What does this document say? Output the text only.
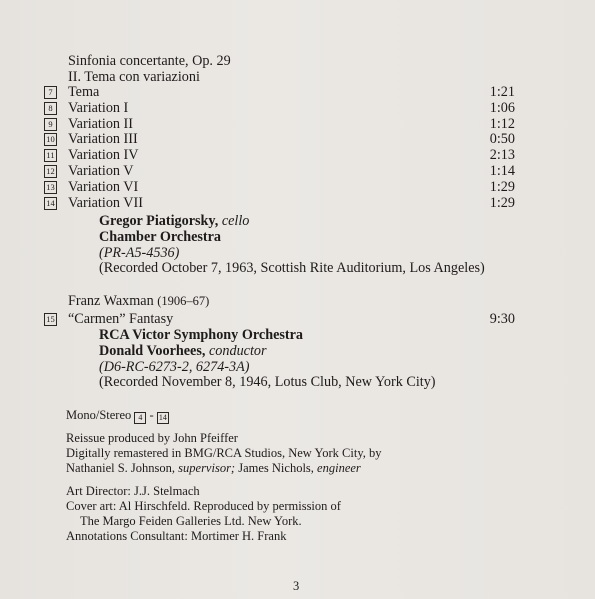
Sinfonia concertante, Op. 29
II. Tema con variazioni
7	Tema	1:21
8	Variation I	1:06
9	Variation II	1:12
10 Variation III	0:50
11 Variation IV	2:13
12 Variation V	1:14
13 Variation VI	1:29
14 Variation VII	1:29
Gregor Piatigorsky, cello
Chamber Orchestra
(PR-A5-4536)
(Recorded October 7, 1963, Scottish Rite Auditorium, Los Angeles)
Franz Waxman (1906–67)
15 “Carmen” Fantasy	9:30
RCA Victor Symphony Orchestra
Donald Voorhees, conductor
(D6-RC-6273-2, 6274-3A)
(Recorded November 8, 1946, Lotus Club, New York City)
Mono/Stereo 4 - 14
Reissue produced by John Pfeiffer
Digitally remastered in BMG/RCA Studios, New York City, by
Nathaniel S. Johnson, supervisor; James Nichols, engineer
Art Director: J.J. Stelmach
Cover art: Al Hirschfeld. Reproduced by permission of
The Margo Feiden Galleries Ltd. New York.
Annotations Consultant: Mortimer H. Frank
3
